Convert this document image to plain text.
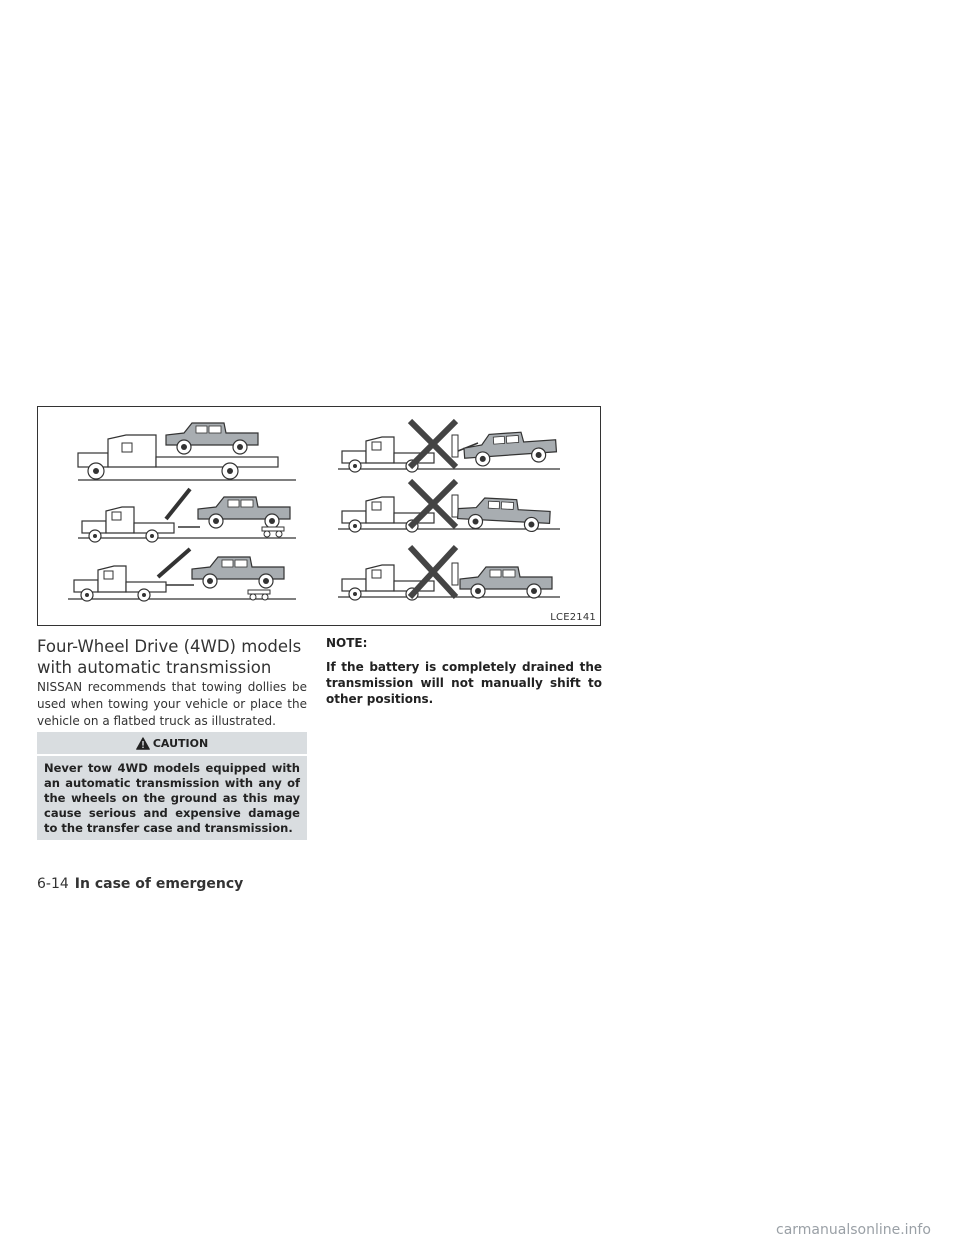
LCE2141
Four-Wheel Drive (4WD) models
with automatic transmission
NISSAN recommends that towing dollies be used when towing your vehicle or place the vehicle on a flatbed truck as illustrated.
CAUTION
Never tow 4WD models equipped with an automatic transmission with any of the wheels on the ground as this may cause serious and expensive damage to the transfer case and transmission.
NOTE:
If the battery is completely drained the transmission will not manually shift to other positions.
6-14 In case of emergency
carmanualsonline.info
